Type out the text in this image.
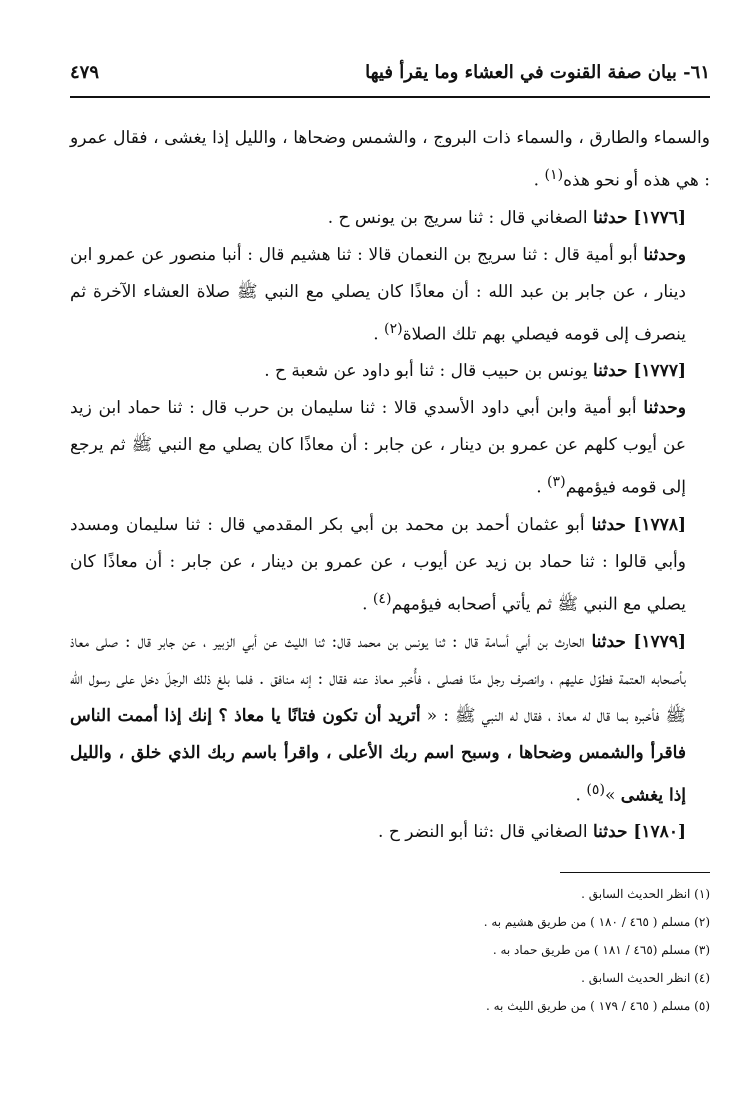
٦١- بيان صفة القنوت في العشاء وما يقرأ فيها
٤٧٩

والسماء والطارق ، والسماء ذات البروج ، والشمس وضحاها ، والليل إذا يغشى ، فقال عمرو : هي هذه أو نحو هذه$^{(١)}$ .

[١٧٧٦] حدثنا الصغاني قال : ثنا سريج بن يونس ح .

وحدثنا أبو أمية قال : ثنا سريج بن النعمان قالا : ثنا هشيم قال : أنبا منصور عن عمرو ابن دينار ، عن جابر بن عبد الله : أن معاذًا كان يصلي مع النبي ﷺ صلاة العشاء الآخرة ثم ينصرف إلى قومه فيصلي بهم تلك الصلاة$^{(٢)}$ .

[١٧٧٧] حدثنا يونس بن حبيب قال : ثنا أبو داود عن شعبة ح .

وحدثنا أبو أمية وابن أبي داود الأسدي قالا : ثنا سليمان بن حرب قال : ثنا حماد ابن زيد عن أيوب كلهم عن عمرو بن دينار ، عن جابر : أن معاذًا كان يصلي مع النبي ﷺ ثم يرجع إلى قومه فيؤمهم$^{(٣)}$ .

[١٧٧٨] حدثنا أبو عثمان أحمد بن محمد بن أبي بكر المقدمي قال : ثنا سليمان ومسدد وأبي قالوا : ثنا حماد بن زيد عن أيوب ، عن عمرو بن دينار ، عن جابر : أن معاذًا كان يصلي مع النبي ﷺ ثم يأتي أصحابه فيؤمهم$^{(٤)}$ .

[١٧٧٩] حدثنا الحارث بن أبي أسامة قال : ثنا يونس بن محمد قال: ثنا الليث عن أبي الزبير ، عن جابر قال : صلى معاذ بأصحابه العتمة فطوّل عليهم ، وانصرف رجل منّا فصلى ، فأُخبر معاذ عنه فقال : إنه منافق . فلما بلغ ذلك الرجلَ دخل على رسول الله ﷺ فأخبره بما قال له معاذ ، فقال له النبي ﷺ : « أتريد أن تكون فتانًا يا معاذ ؟ إنك إذا أممت الناس فاقرأ والشمس وضحاها ، وسبح اسم ربك الأعلى ، واقرأ باسم ربك الذي خلق ، والليل إذا يغشى »$^{(٥)}$ .

[١٧٨٠] حدثنا الصغاني قال :ثنا أبو النضر ح .

(١) انظر الحديث السابق .

(٢) مسلم ( ٤٦٥ / ١٨٠ ) من طريق هشيم به .

(٣) مسلم (٤٦٥ / ١٨١ ) من طريق حماد به .

(٤) انظر الحديث السابق .

(٥) مسلم ( ٤٦٥ / ١٧٩ ) من طريق الليث به .
